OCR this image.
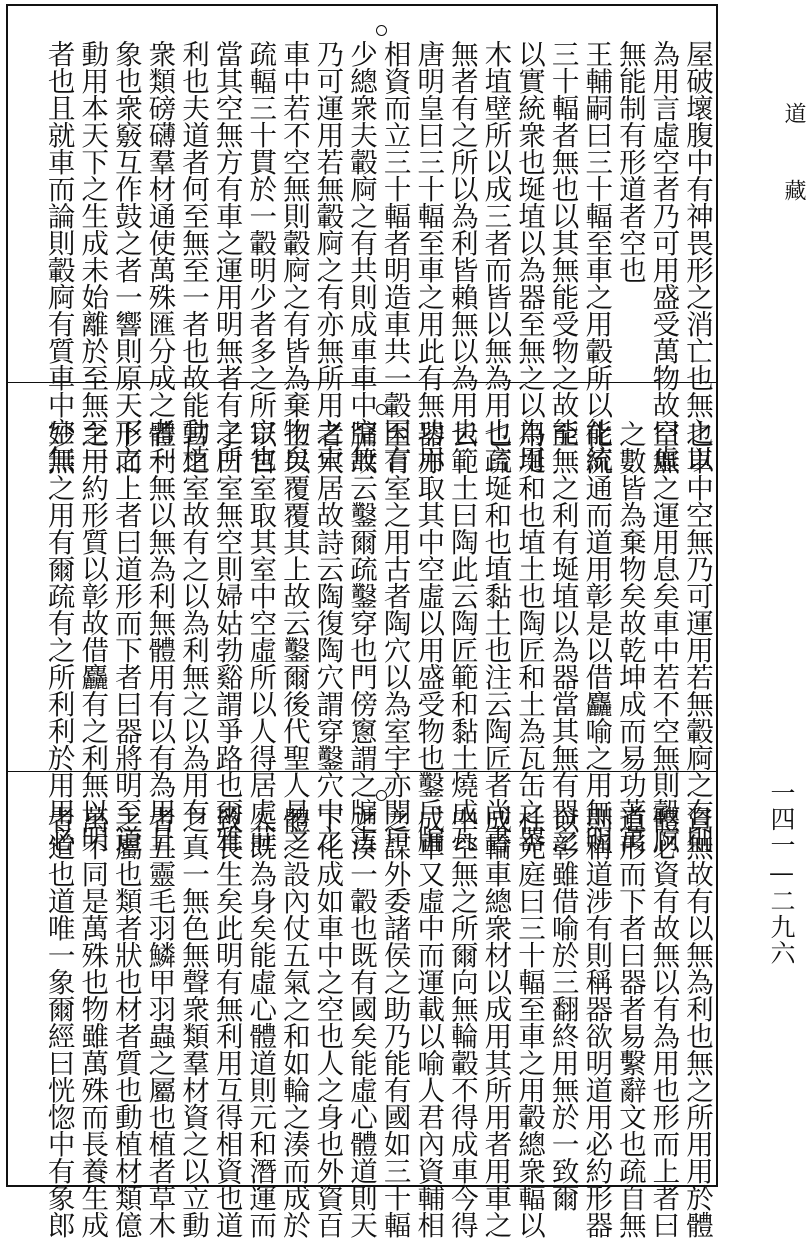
屋破壞腹中有神畏形之消亡也無之以
為用言虛空者乃可用盛受萬物故曰虛
無能制有形道者空也
王輔嗣曰三十輻至車之用轂所以能統
三十輻者無也以其無能受物之故能
以實統衆也埏埴以為器至無之以為用
木埴壁所以成三者而皆以無為用也言
無者有之所以為利皆賴無以為用也
唐明皇曰三十輻至車之用此有無功用
相資而立三十輻者明造車共一轂因言
少總衆夫轂㢌之有共則成車車中空無
乃可運用若無轂㢌之有亦無所用之車
車中若不空無則轂㢌之有皆為棄物矣
疏輻三十貫於一轂明少者多之所宗也
當其空無方有車之運用明無者有之所
利也夫道者何至無至一者也故能動植
衆類磅礴羣材通使萬殊匯分成之者一
象也衆竅互作鼓之者一響則原天下之
動用本天下之生成未始離於至無至一
者也且就車而論則轂㢌有質車中空無
也車中空無乃可運用若無轂㢌之有則
空無之運用息矣車中若不空無則轂㢌
之數皆為棄物矣故乾坤成而易功著萬
化流通而道用彰是以借麤喻之用無明
至無之利有埏埴以為器當其無有器之
用埏和也埴土也陶匠和土為瓦缶之器
也疏埏和也埴黏土也注云陶匠者尚書
云範土曰陶此云陶匠範和黏土燒成瓦
器亦取其中空虛以用盛受物也鑿戶牖
至有室之用古者陶穴以為室宇亦開戶
牖故云鑿爾疏鑿穿也門傍窻謂之牖古
者穴居故詩云陶復陶穴謂穿鑿穴中之
土以覆覆其上故云鑿爾後代聖人易之
以宮室取其室中空虛所以人得居處莊
子曰室無空則婦姑勃谿謂爭路也爾雅
宮之室故有之以為利無之以為用有
體利無以無為利無體用有以有為用且
形而上者曰道形而下者曰器將明至道
之用約形質以彰故借麤有之利無以明
妙無之用有爾疏有之所利利於用用必
資無故有以無為利也無之所用用於體
體必資有故無以有為用也形而上者曰
道形而下者曰器者易繫辭文也疏自無
則稱道涉有則稱器欲明道用必約形器
以彰雖借喻於三翻終用無於一致爾
杜光庭曰三十輻至車之用轂總衆輻以
成輪車總衆材以成用其所用者用車之
中空無之所爾向無輪轂不得成車今得
成車又虛中而運載以喻人君內資輔相
之謀外委諸侯之助乃能有國如三十輻
之湊一轂也既有國矣能虛心體道則天
下化成如車中之空也人之身也外資百
體之設內仗五氣之和如輪之湊而成於
人既為身矣能虛心體道則元和潛運而
致長生矣此明有無利用互得相資也道
之真一無色無聲衆類羣材資之以立動
者五靈毛羽鱗甲羽蟲之屬也植者草木
之屬也類者狀也材者質也動植材類億
萬不同是萬殊也物雖萬殊而長養生成
者道也道唯一象爾經曰恍惚中有象郎
道
藏
一四一—二九六
